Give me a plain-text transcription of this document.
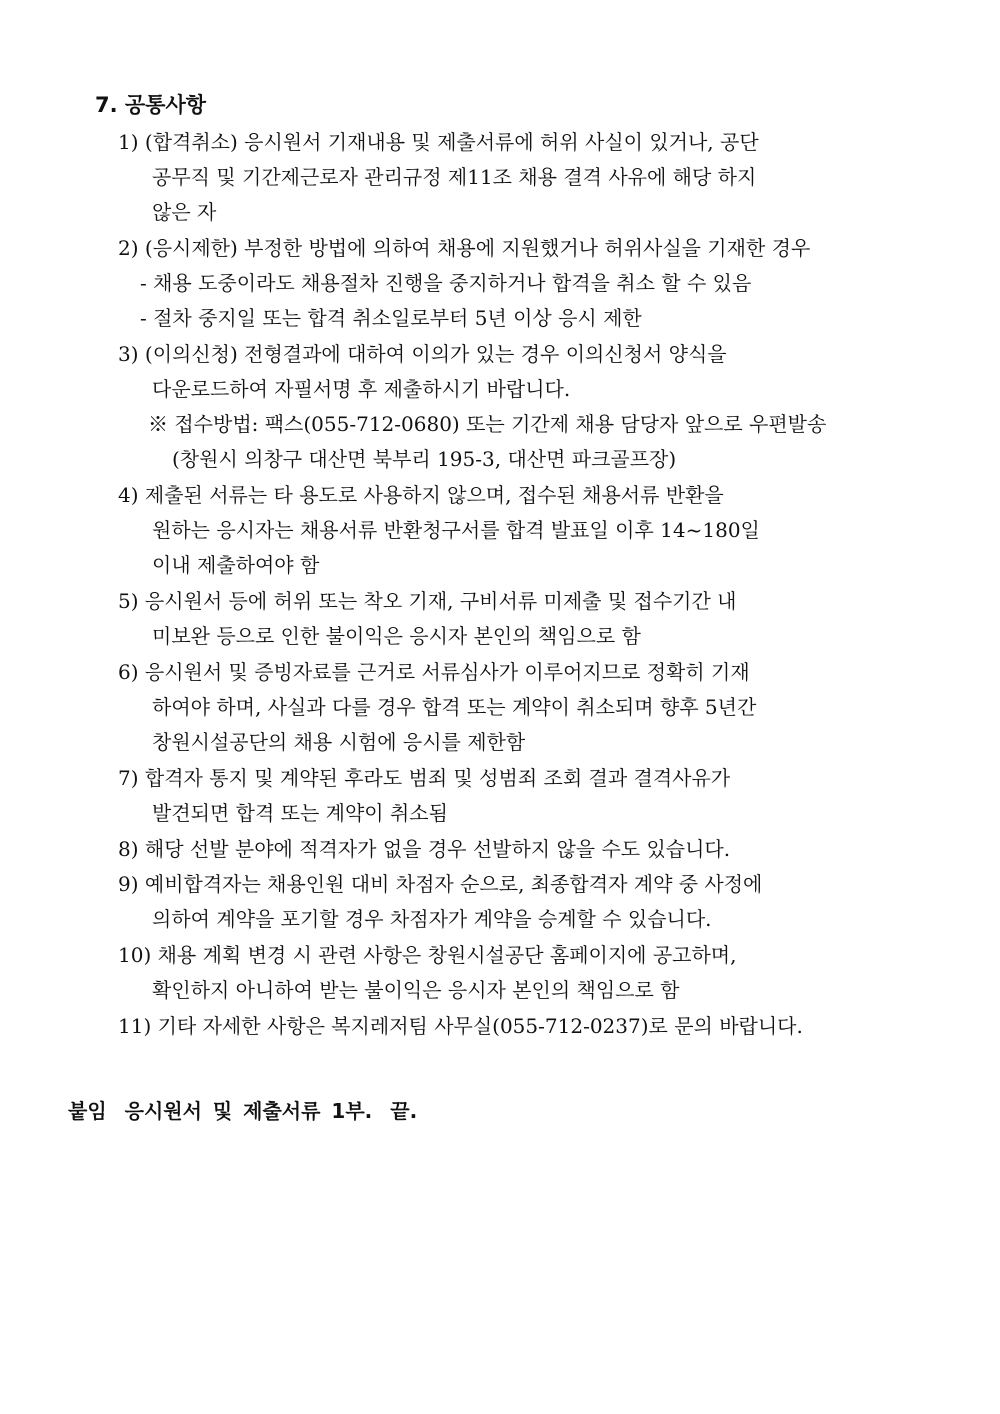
7. 공통사항

1) (합격취소) 응시원서 기재내용 및 제출서류에 허위 사실이 있거나, 공단

공무직 및 기간제근로자 관리규정 제11조 채용 결격 사유에 해당 하지

않은 자

2) (응시제한) 부정한 방법에 의하여 채용에 지원했거나 허위사실을 기재한 경우

- 채용 도중이라도 채용절차 진행을 중지하거나 합격을 취소 할 수 있음

- 절차 중지일 또는 합격 취소일로부터 5년 이상 응시 제한

3) (이의신청) 전형결과에 대하여 이의가 있는 경우 이의신청서 양식을

다운로드하여 자필서명 후 제출하시기 바랍니다.

※ 접수방법: 팩스(055-712-0680) 또는 기간제 채용 담당자 앞으로 우편발송

(창원시 의창구 대산면 북부리 195-3, 대산면 파크골프장)

4) 제출된 서류는 타 용도로 사용하지 않으며, 접수된 채용서류 반환을

원하는 응시자는 채용서류 반환청구서를 합격 발표일 이후 14~180일

이내 제출하여야 함

5) 응시원서 등에 허위 또는 착오 기재, 구비서류 미제출 및 접수기간 내

미보완 등으로 인한 불이익은 응시자 본인의 책임으로 함

6) 응시원서 및 증빙자료를 근거로 서류심사가 이루어지므로 정확히 기재

하여야 하며, 사실과 다를 경우 합격 또는 계약이 취소되며 향후 5년간

창원시설공단의 채용 시험에 응시를 제한함

7) 합격자 통지 및 계약된 후라도 범죄 및 성범죄 조회 결과 결격사유가

발견되면 합격 또는 계약이 취소됨

8) 해당 선발 분야에 적격자가 없을 경우 선발하지 않을 수도 있습니다.

9) 예비합격자는 채용인원 대비 차점자 순으로, 최종합격자 계약 중 사정에

의하여 계약을 포기할 경우 차점자가 계약을 승계할 수 있습니다.

10) 채용 계획 변경 시 관련 사항은 창원시설공단 홈페이지에 공고하며,

확인하지 아니하여 받는 불이익은 응시자 본인의 책임으로 함

11) 기타 자세한 사항은 복지레저팀 사무실(055-712-0237)로 문의 바랍니다.

붙임 응시원서 및 제출서류 1부. 끝.
